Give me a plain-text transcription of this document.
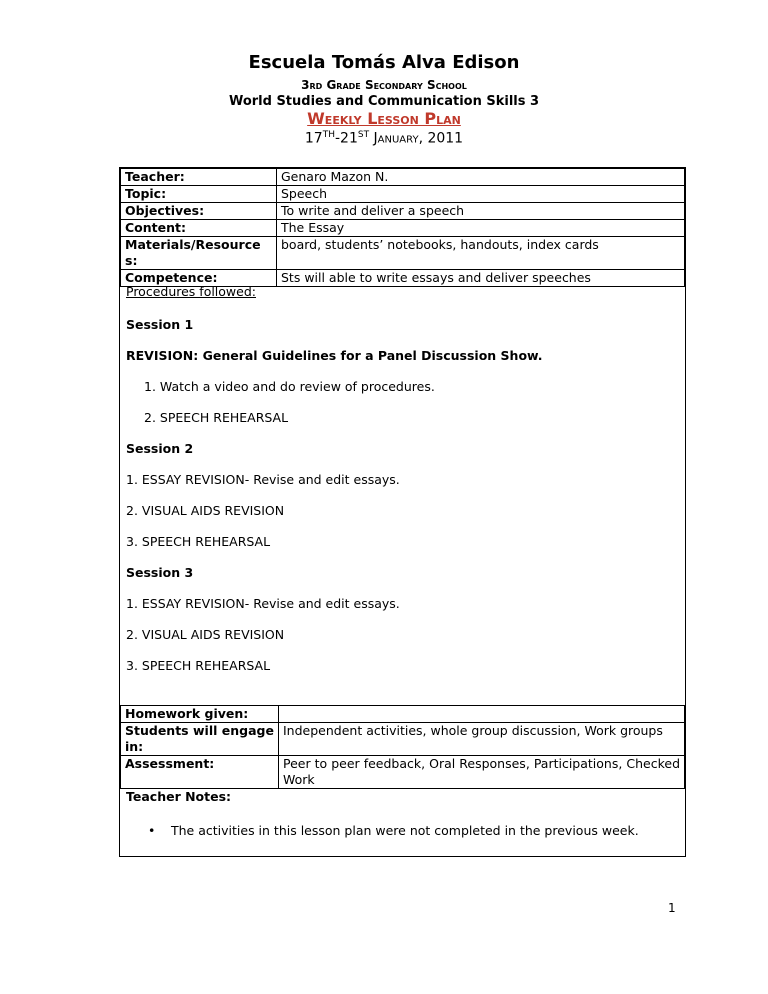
Escuela Tomás Alva Edison
3rd Grade Secondary School
World Studies and Communication Skills 3
Weekly Lesson Plan
17TH-21ST January, 2011
Teacher:	Genaro Mazon N.
Topic:	Speech
Objectives:	To write and deliver a speech
Content:	The Essay
Materials/Resources:	board, students’ notebooks, handouts, index cards
Competence:	Sts will able to write essays and deliver speeches
Procedures followed:

Session 1

REVISION: General Guidelines for a Panel Discussion Show.

1. Watch a video and do review of procedures.

2. SPEECH REHEARSAL

Session 2

1. ESSAY REVISION- Revise and edit essays.

2. VISUAL AIDS REVISION

3. SPEECH REHEARSAL

Session 3

1. ESSAY REVISION- Revise and edit essays.

2. VISUAL AIDS REVISION

3. SPEECH REHEARSAL

Homework given:	
Students will engage in:	Independent activities, whole group discussion, Work groups
Assessment:	Peer to peer feedback, Oral Responses, Participations, Checked Work
Teacher Notes:
• The activities in this lesson plan were not completed in the previous week.
1
